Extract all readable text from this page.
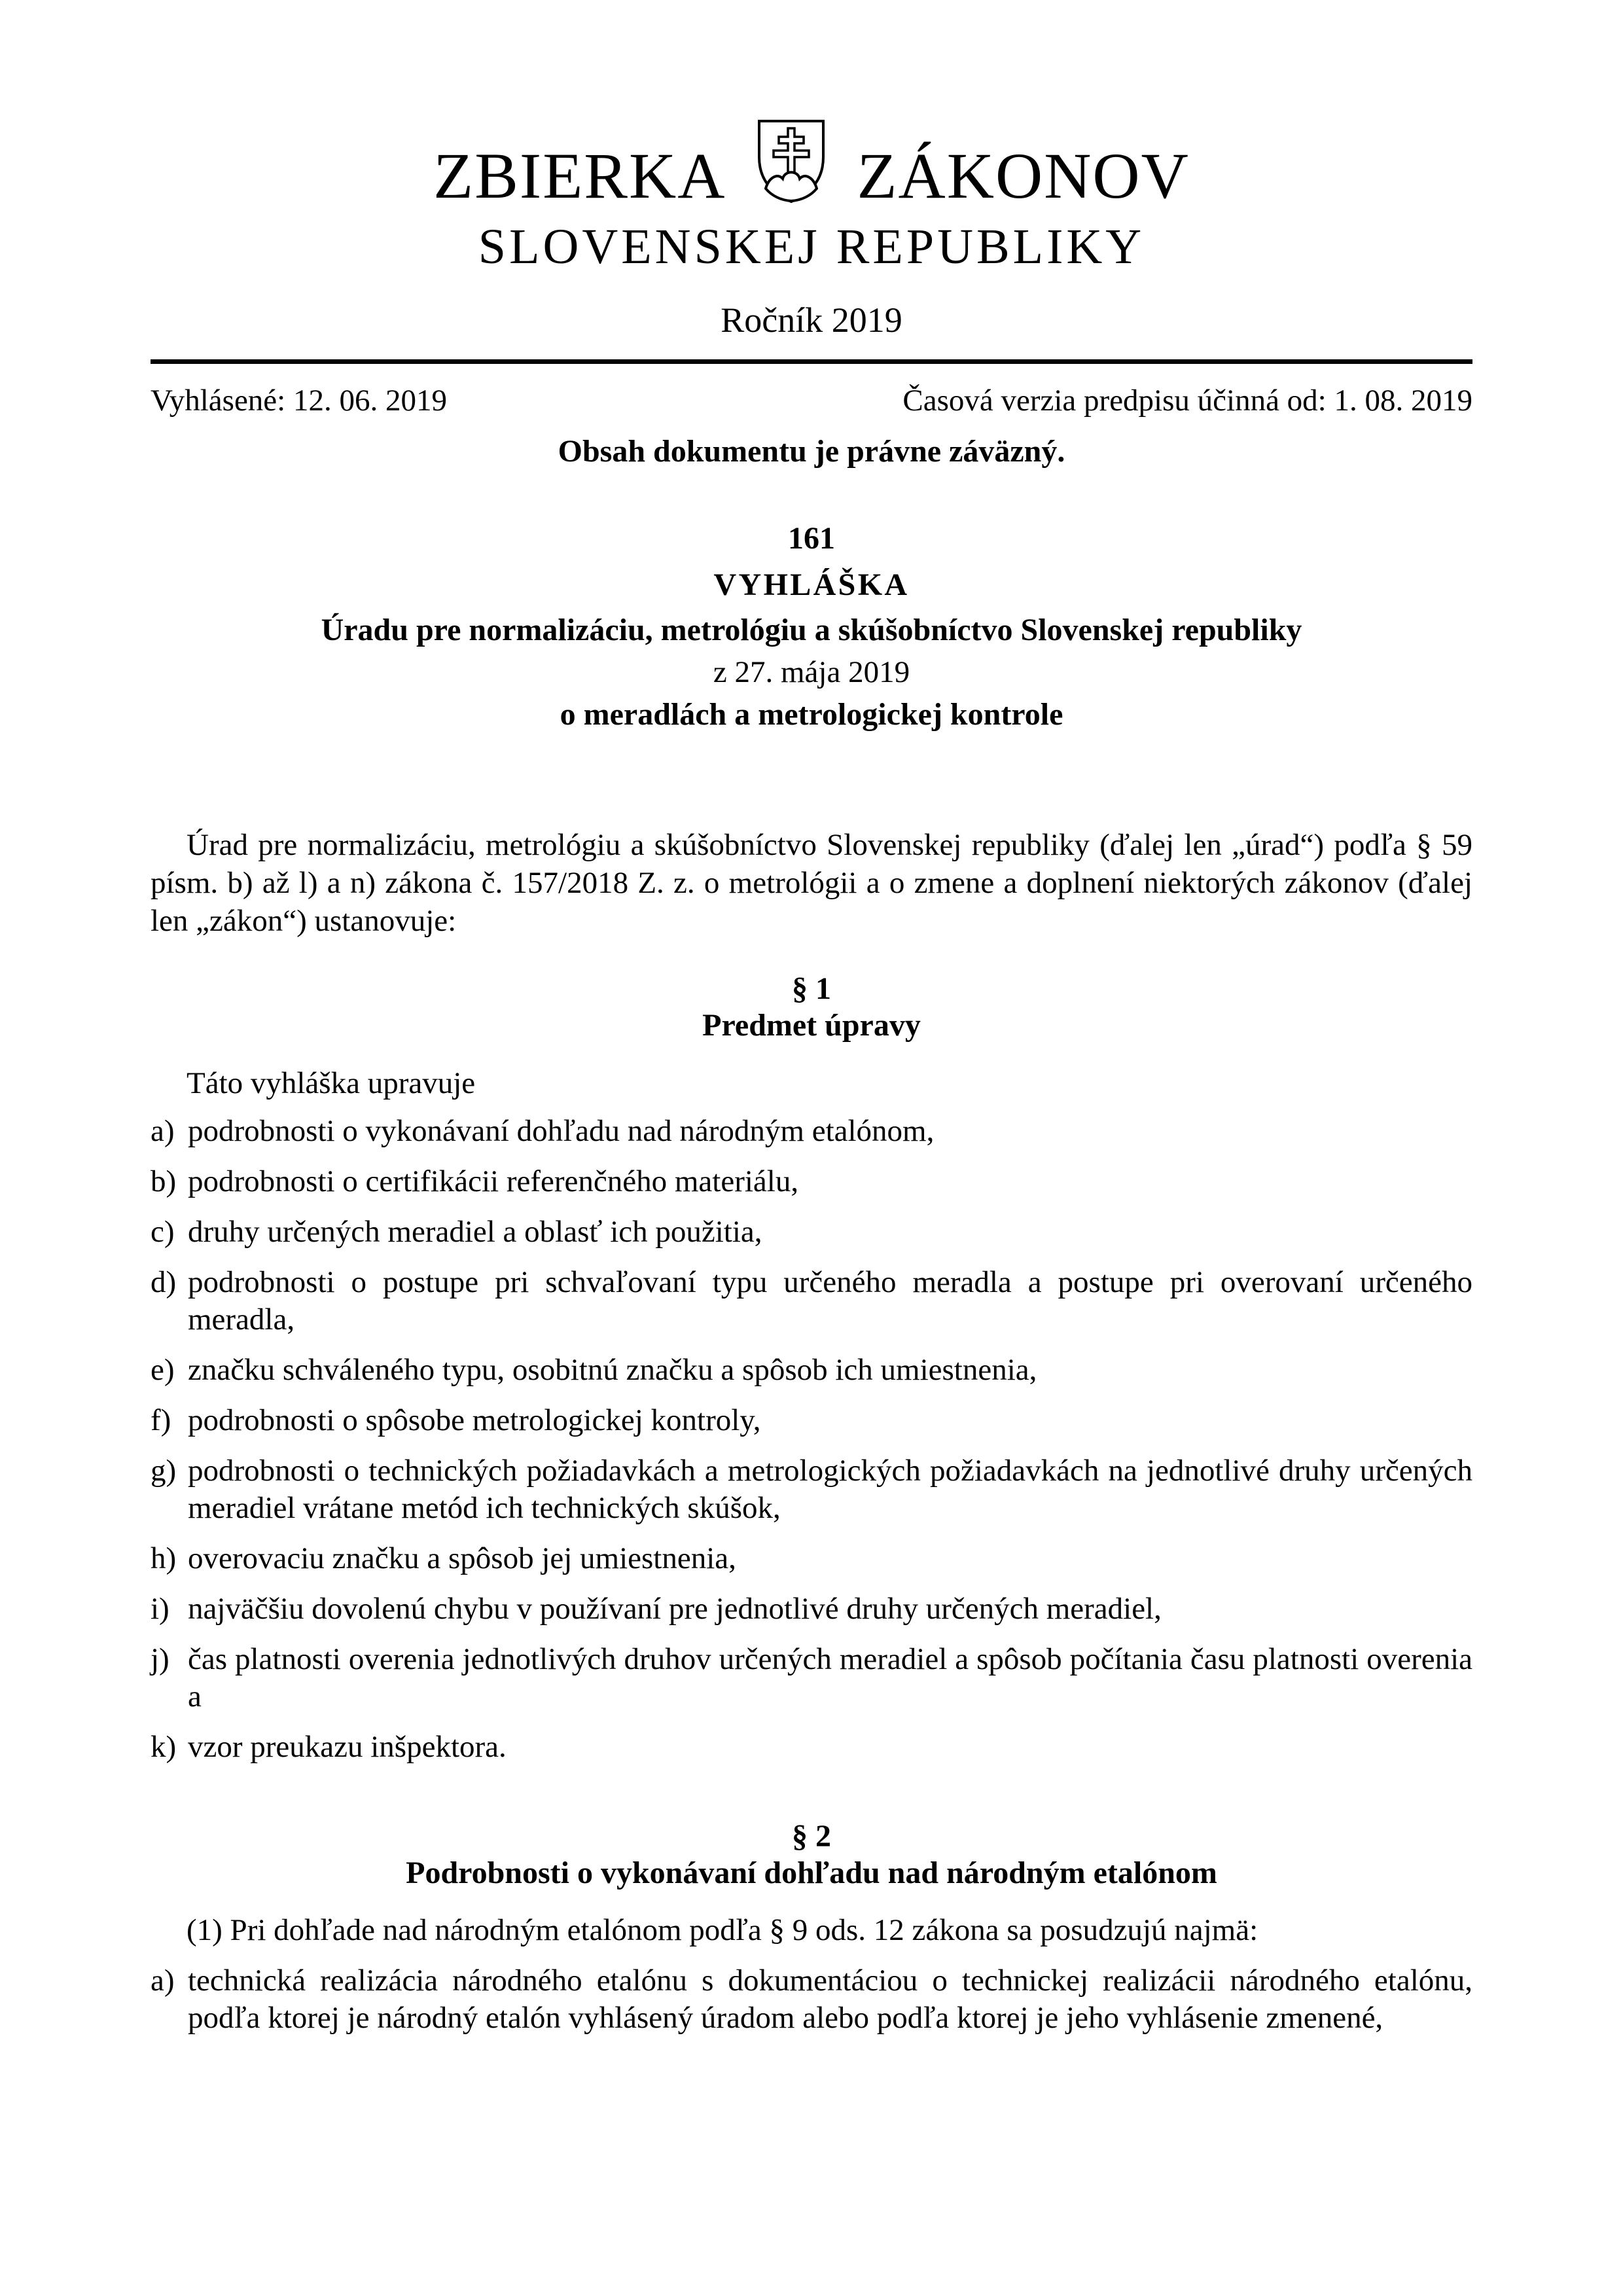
ZBIERKA ZÁKONOV
SLOVENSKEJ REPUBLIKY
Ročník 2019
Vyhlásené: 12. 06. 2019	Časová verzia predpisu účinná od: 1. 08. 2019
Obsah dokumentu je právne záväzný.
161
VYHLÁŠKA
Úradu pre normalizáciu, metrológiu a skúšobníctvo Slovenskej republiky
z 27. mája 2019
o meradlách a metrologickej kontrole
Úrad pre normalizáciu, metrológiu a skúšobníctvo Slovenskej republiky (ďalej len „úrad“) podľa § 59 písm. b) až l) a n) zákona č. 157/2018 Z. z. o metrológii a o zmene a doplnení niektorých zákonov (ďalej len „zákon“) ustanovuje:
§ 1
Predmet úpravy
Táto vyhláška upravuje
a) podrobnosti o vykonávaní dohľadu nad národným etalónom,
b) podrobnosti o certifikácii referenčného materiálu,
c) druhy určených meradiel a oblasť ich použitia,
d) podrobnosti o postupe pri schvaľovaní typu určeného meradla a postupe pri overovaní určeného meradla,
e) značku schváleného typu, osobitnú značku a spôsob ich umiestnenia,
f) podrobnosti o spôsobe metrologickej kontroly,
g) podrobnosti o technických požiadavkách a metrologických požiadavkách na jednotlivé druhy určených meradiel vrátane metód ich technických skúšok,
h) overovaciu značku a spôsob jej umiestnenia,
i) najväčšiu dovolenú chybu v používaní pre jednotlivé druhy určených meradiel,
j) čas platnosti overenia jednotlivých druhov určených meradiel a spôsob počítania času platnosti overenia a
k) vzor preukazu inšpektora.
§ 2
Podrobnosti o vykonávaní dohľadu nad národným etalónom
(1) Pri dohľade nad národným etalónom podľa § 9 ods. 12 zákona sa posudzujú najmä:
a) technická realizácia národného etalónu s dokumentáciou o technickej realizácii národného etalónu, podľa ktorej je národný etalón vyhlásený úradom alebo podľa ktorej je jeho vyhlásenie zmenené,
